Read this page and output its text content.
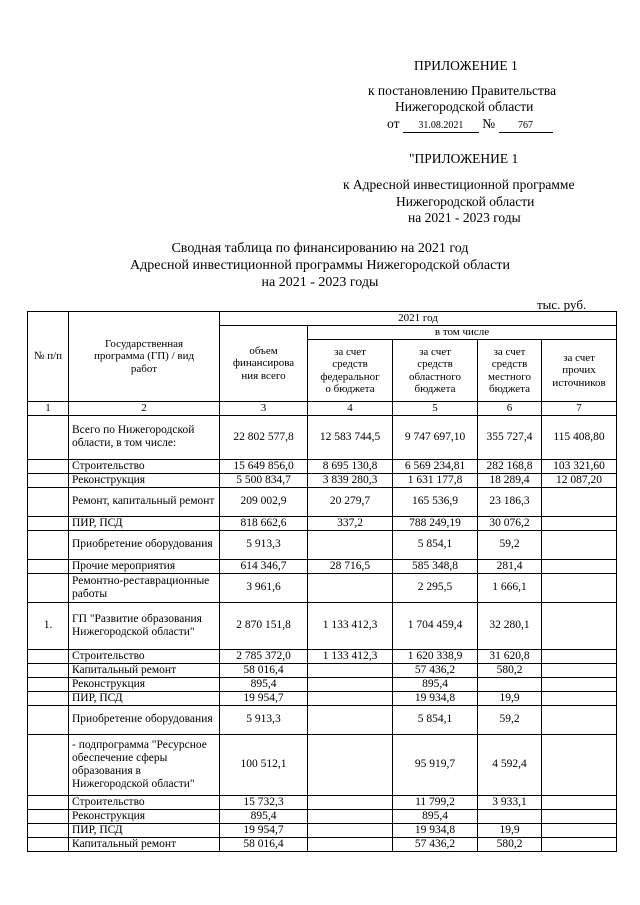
ПРИЛОЖЕНИЕ 1
к постановлению Правительства
Нижегородской области
от 31.08.2021 № 767
"ПРИЛОЖЕНИЕ 1
к Адресной инвестиционной программе
Нижегородской области
на 2021 - 2023 годы
Сводная таблица по финансированию на 2021 год
Адресной инвестиционной программы Нижегородской области
на 2021 - 2023 годы
тыс. руб.
№ п/п	Государственная программа (ГП) / вид работ	2021 год				

		объем финансирова ния всего	в том числе			

			за счет средств федеральног о бюджета	за счет средств областного бюджета	за счет средств местного бюджета	за счет прочих источников

1	2	3	4	5	6	7
	Всего по Нижегородской области, в том числе:	22 802 577,8	12 583 744,5	9 747 697,10	355 727,4	115 408,80
	Строительство	15 649 856,0	8 695 130,8	6 569 234,81	282 168,8	103 321,60
	Реконструкция	5 500 834,7	3 839 280,3	1 631 177,8	18 289,4	12 087,20
	Ремонт, капитальный ремонт	209 002,9	20 279,7	165 536,9	23 186,3	
	ПИР, ПСД	818 662,6	337,2	788 249,19	30 076,2	
	Приобретение оборудования	5 913,3		5 854,1	59,2	
	Прочие мероприятия	614 346,7	28 716,5	585 348,8	281,4	
	Ремонтно-реставрационные работы	3 961,6		2 295,5	1 666,1	
1.	ГП "Развитие образования Нижегородской области"	2 870 151,8	1 133 412,3	1 704 459,4	32 280,1	
	Строительство	2 785 372,0	1 133 412,3	1 620 338,9	31 620,8	
	Капитальный ремонт	58 016,4		57 436,2	580,2	
	Реконструкция	895,4		895,4		
	ПИР, ПСД	19 954,7		19 934,8	19,9	
	Приобретение оборудования	5 913,3		5 854,1	59,2	
	- подпрограмма "Ресурсное обеспечение сферы образования в Нижегородской области"	100 512,1		95 919,7	4 592,4	
	Строительство	15 732,3		11 799,2	3 933,1	
	Реконструкция	895,4		895,4		
	ПИР, ПСД	19 954,7		19 934,8	19,9	
	Капитальный ремонт	58 016,4		57 436,2	580,2	
